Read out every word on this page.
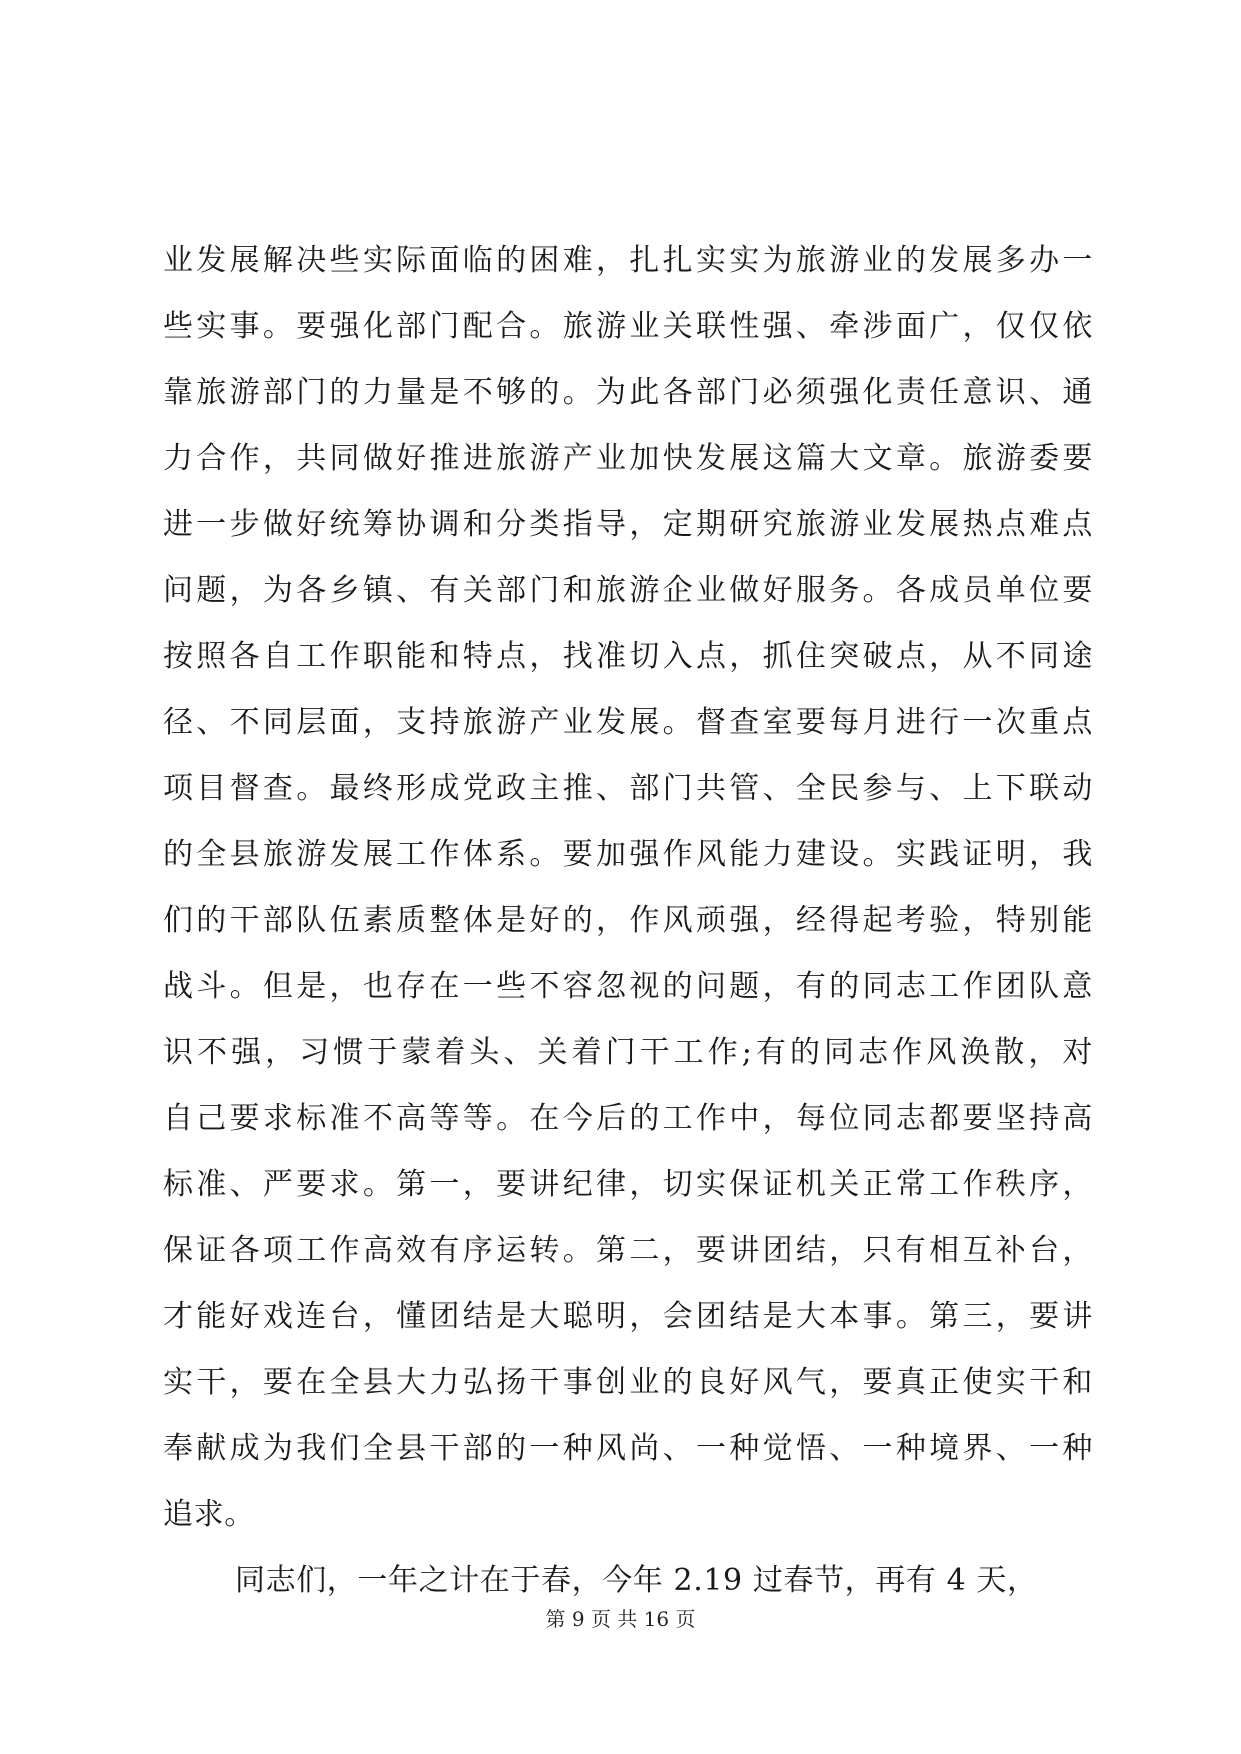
业发展解决些实际面临的困难，扎扎实实为旅游业的发展多办一
些实事。要强化部门配合。旅游业关联性强、牵涉面广，仅仅依
靠旅游部门的力量是不够的。为此各部门必须强化责任意识、通
力合作，共同做好推进旅游产业加快发展这篇大文章。旅游委要
进一步做好统筹协调和分类指导，定期研究旅游业发展热点难点
问题，为各乡镇、有关部门和旅游企业做好服务。各成员单位要
按照各自工作职能和特点，找准切入点，抓住突破点，从不同途
径、不同层面，支持旅游产业发展。督查室要每月进行一次重点
项目督查。最终形成党政主推、部门共管、全民参与、上下联动
的全县旅游发展工作体系。要加强作风能力建设。实践证明，我
们的干部队伍素质整体是好的，作风顽强，经得起考验，特别能
战斗。但是，也存在一些不容忽视的问题，有的同志工作团队意
识不强，习惯于蒙着头、关着门干工作;有的同志作风涣散，对
自己要求标准不高等等。在今后的工作中，每位同志都要坚持高
标准、严要求。第一，要讲纪律，切实保证机关正常工作秩序，
保证各项工作高效有序运转。第二，要讲团结，只有相互补台，
才能好戏连台，懂团结是大聪明，会团结是大本事。第三，要讲
实干，要在全县大力弘扬干事创业的良好风气，要真正使实干和
奉献成为我们全县干部的一种风尚、一种觉悟、一种境界、一种
追求。
同志们，一年之计在于春，今年 2.19 过春节，再有 4 天，
第 9 页 共 16 页
